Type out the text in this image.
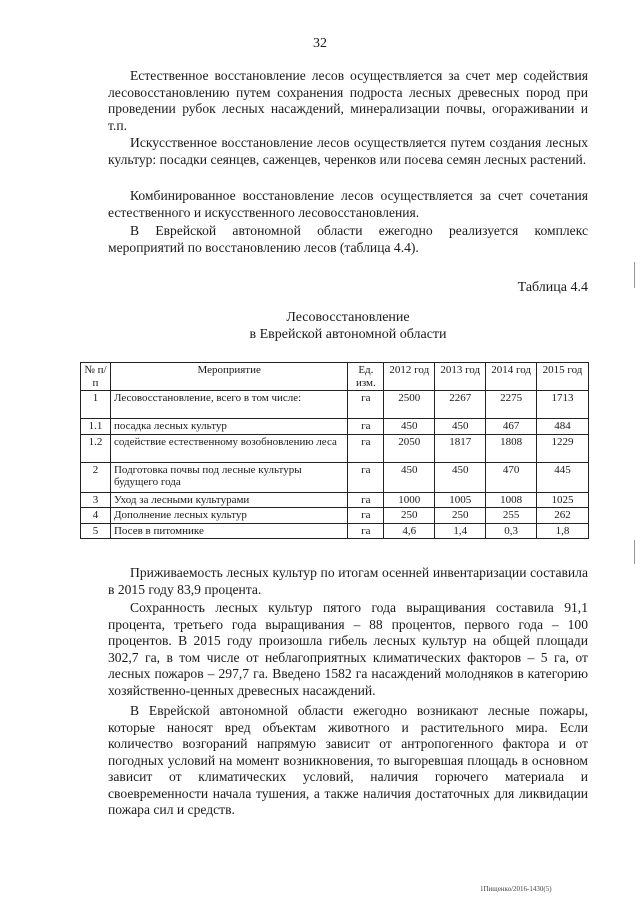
32

Естественное восстановление лесов осуществляется за счет мер содействия лесовосстановлению путем сохранения подроста лесных древесных пород при проведении рубок лесных насаждений, минерализации почвы, огораживании и т.п.

Искусственное восстановление лесов осуществляется путем создания лесных культур: посадки сеянцев, саженцев, черенков или посева семян лесных растений.

Комбинированное восстановление лесов осуществляется за счет сочетания естественного и искусственного лесовосстановления.

В Еврейской автономной области ежегодно реализуется комплекс мероприятий по восстановлению лесов (таблица 4.4).

Таблица 4.4
Лесовосстановление
в Еврейской автономной области
№ п/п	Мероприятие	Ед. изм.	2012 год	2013 год	2014 год	2015 год
1	Лесовосстановление, всего в том числе:	га	2500	2267	2275	1713
1.1	посадка лесных культур	га	450	450	467	484
1.2	содействие естественному возобновлению леса	га	2050	1817	1808	1229
2	Подготовка почвы под лесные культуры будущего года	га	450	450	470	445
3	Уход за лесными культурами	га	1000	1005	1008	1025
4	Дополнение лесных культур	га	250	250	255	262
5	Посев в питомнике	га	4,6	1,4	0,3	1,8

Приживаемость лесных культур по итогам осенней инвентаризации составила в 2015 году 83,9 процента.

Сохранность лесных культур пятого года выращивания составила 91,1 процента, третьего года выращивания – 88 процентов, первого года – 100 процентов. В 2015 году произошла гибель лесных культур на общей площади 302,7 га, в том числе от неблагоприятных климатических факторов – 5 га, от лесных пожаров – 297,7 га. Введено 1582 га насаждений молодняков в категорию хозяйственно-ценных древесных насаждений.

В Еврейской автономной области ежегодно возникают лесные пожары, которые наносят вред объектам животного и растительного мира. Если количество возгораний напрямую зависит от антропогенного фактора и от погодных условий на момент возникновения, то выгоревшая площадь в основном зависит от климатических условий, наличия горючего материала и своевременности начала тушения, а также наличия достаточных для ликвидации пожара сил и средств.

1Пищенко/2016-1430(5)
